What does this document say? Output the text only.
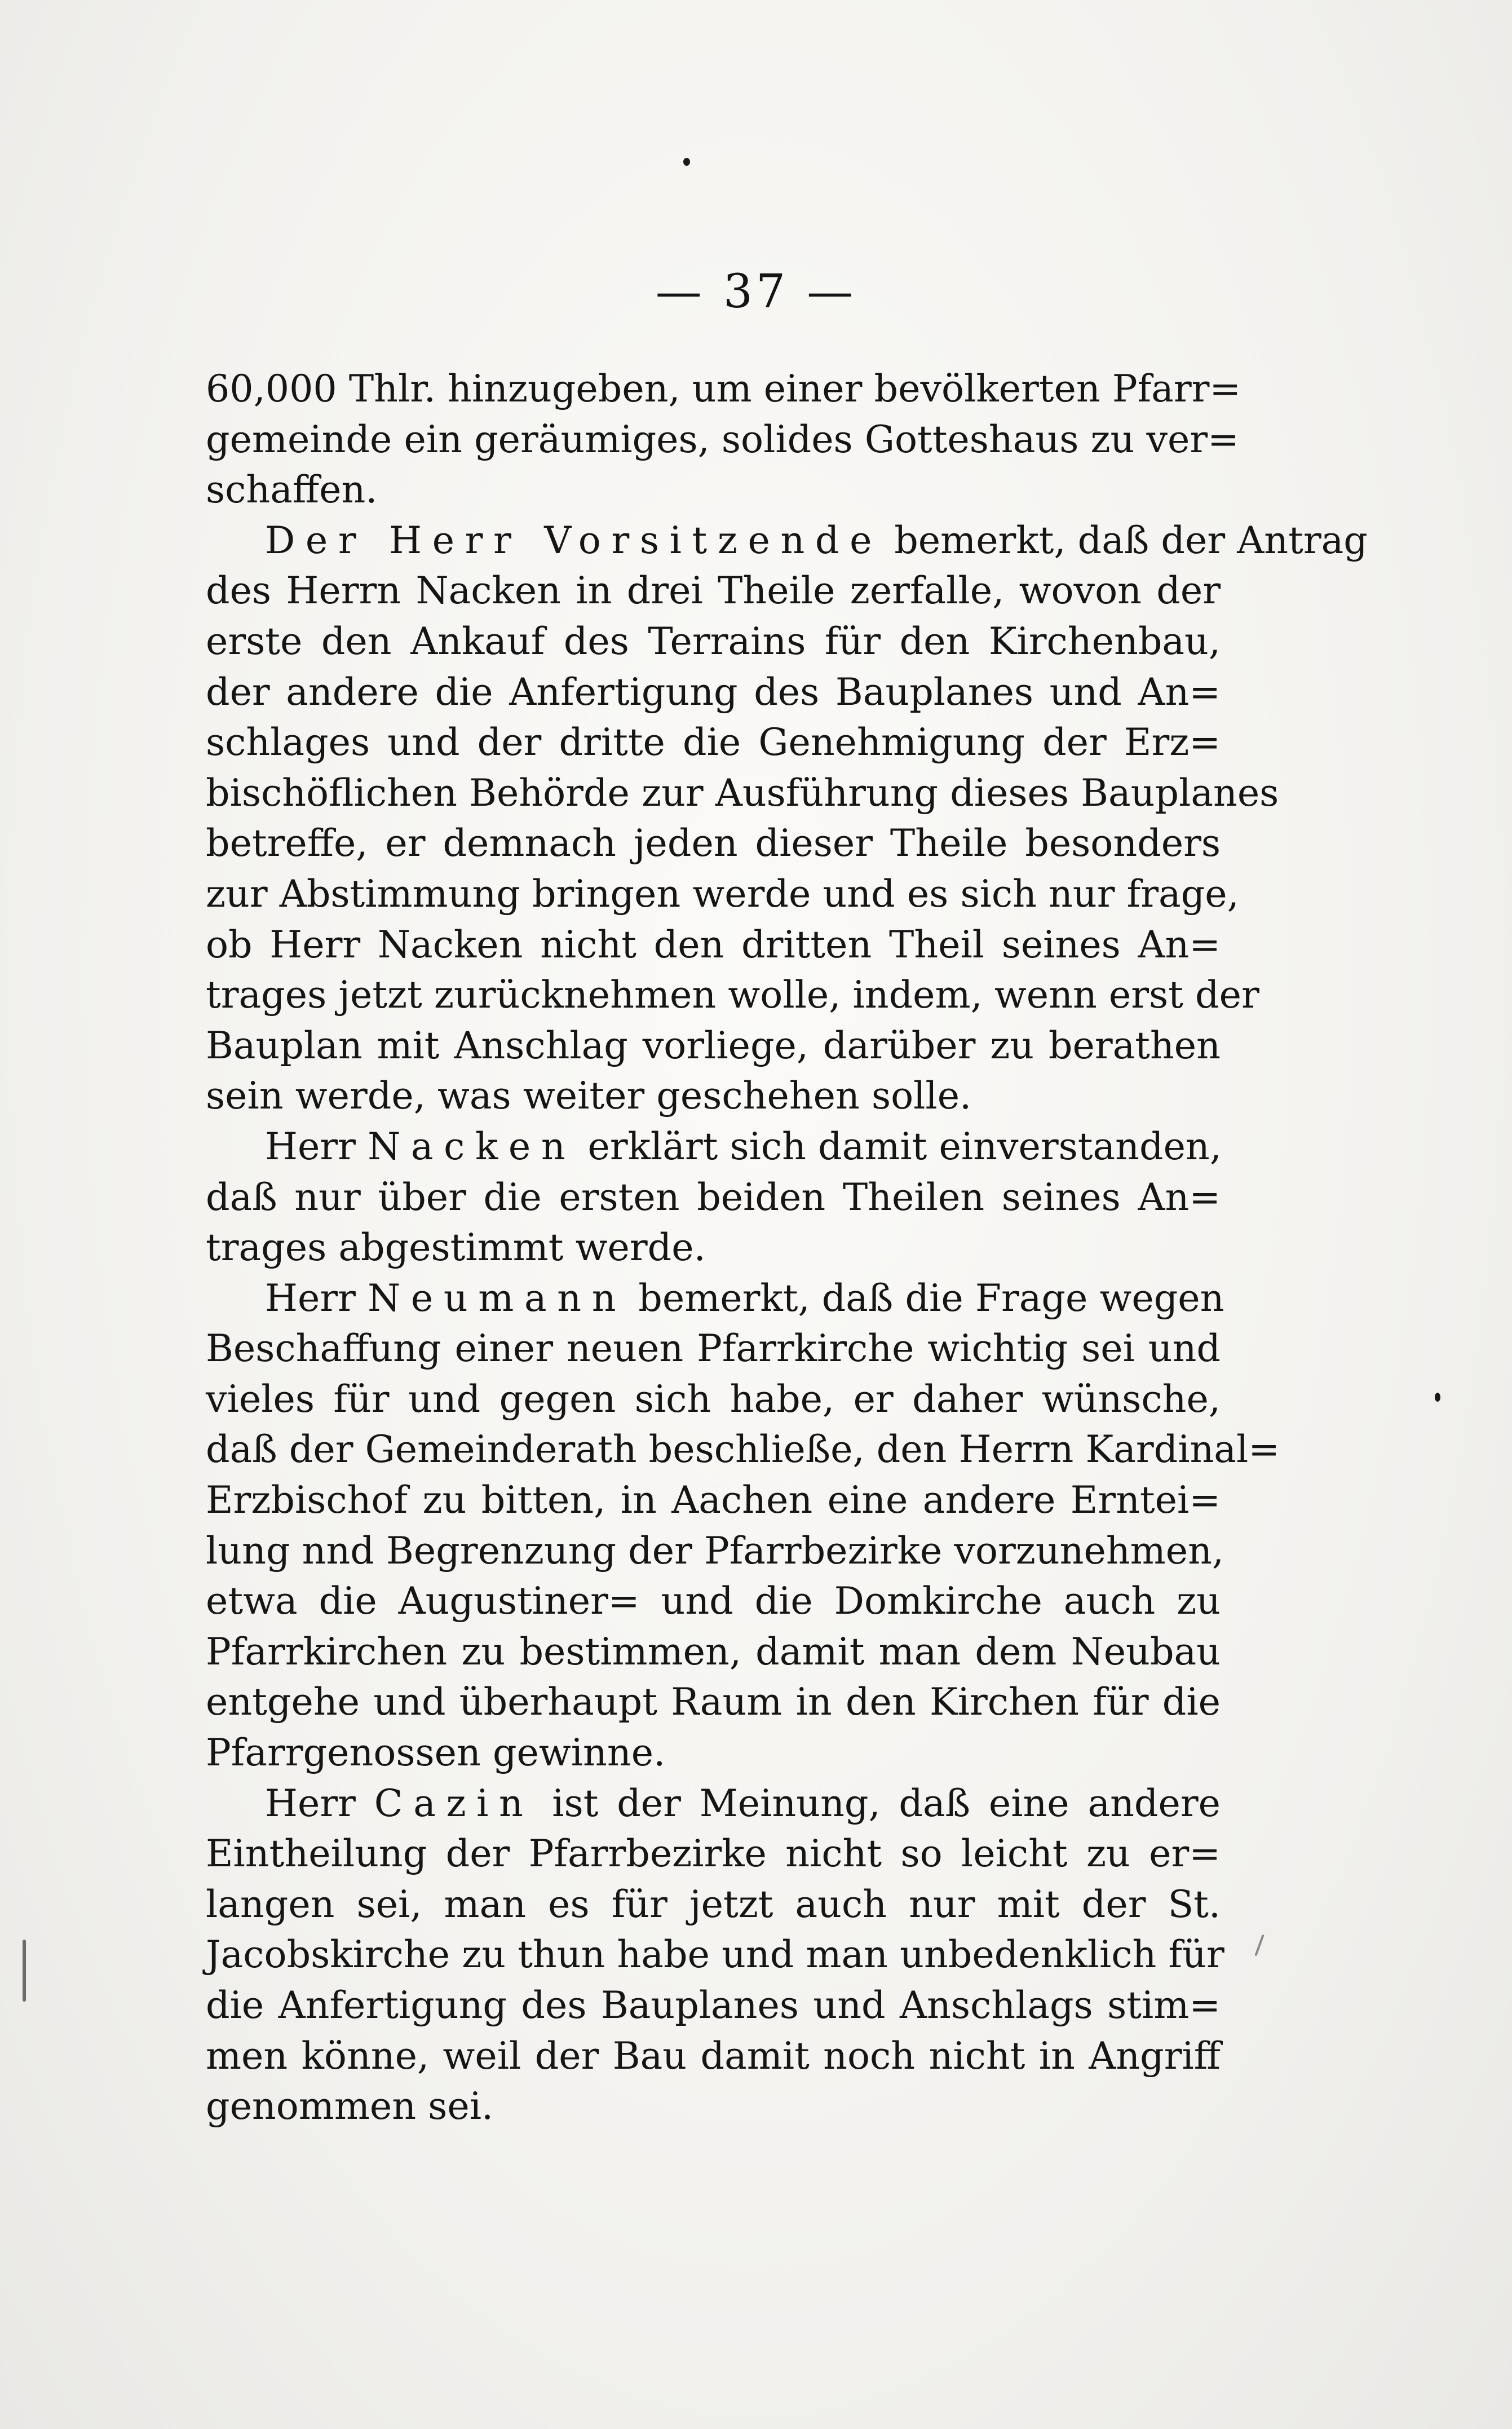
— 37 —
60,000 Thlr. hinzugeben, um einer bevölkerten Pfarr=
gemeinde ein geräumiges, solides Gotteshaus zu ver=
schaffen.
Der Herr Vorsitzende bemerkt, daß der Antrag
des Herrn Nacken in drei Theile zerfalle, wovon der
erste den Ankauf des Terrains für den Kirchenbau,
der andere die Anfertigung des Bauplanes und An=
schlages und der dritte die Genehmigung der Erz=
bischöflichen Behörde zur Ausführung dieses Bauplanes
betreffe, er demnach jeden dieser Theile besonders
zur Abstimmung bringen werde und es sich nur frage,
ob Herr Nacken nicht den dritten Theil seines An=
trages jetzt zurücknehmen wolle, indem, wenn erst der
Bauplan mit Anschlag vorliege, darüber zu berathen
sein werde, was weiter geschehen solle.
Herr Nacken erklärt sich damit einverstanden,
daß nur über die ersten beiden Theilen seines An=
trages abgestimmt werde.
Herr Neumann bemerkt, daß die Frage wegen
Beschaffung einer neuen Pfarrkirche wichtig sei und
vieles für und gegen sich habe, er daher wünsche,
daß der Gemeinderath beschließe, den Herrn Kardinal=
Erzbischof zu bitten, in Aachen eine andere Erntei=
lung nnd Begrenzung der Pfarrbezirke vorzunehmen,
etwa die Augustiner= und die Domkirche auch zu
Pfarrkirchen zu bestimmen, damit man dem Neubau
entgehe und überhaupt Raum in den Kirchen für die
Pfarrgenossen gewinne.
Herr Cazin ist der Meinung, daß eine andere
Eintheilung der Pfarrbezirke nicht so leicht zu er=
langen sei, man es für jetzt auch nur mit der St.
Jacobskirche zu thun habe und man unbedenklich für
die Anfertigung des Bauplanes und Anschlags stim=
men könne, weil der Bau damit noch nicht in Angriff
genommen sei.
